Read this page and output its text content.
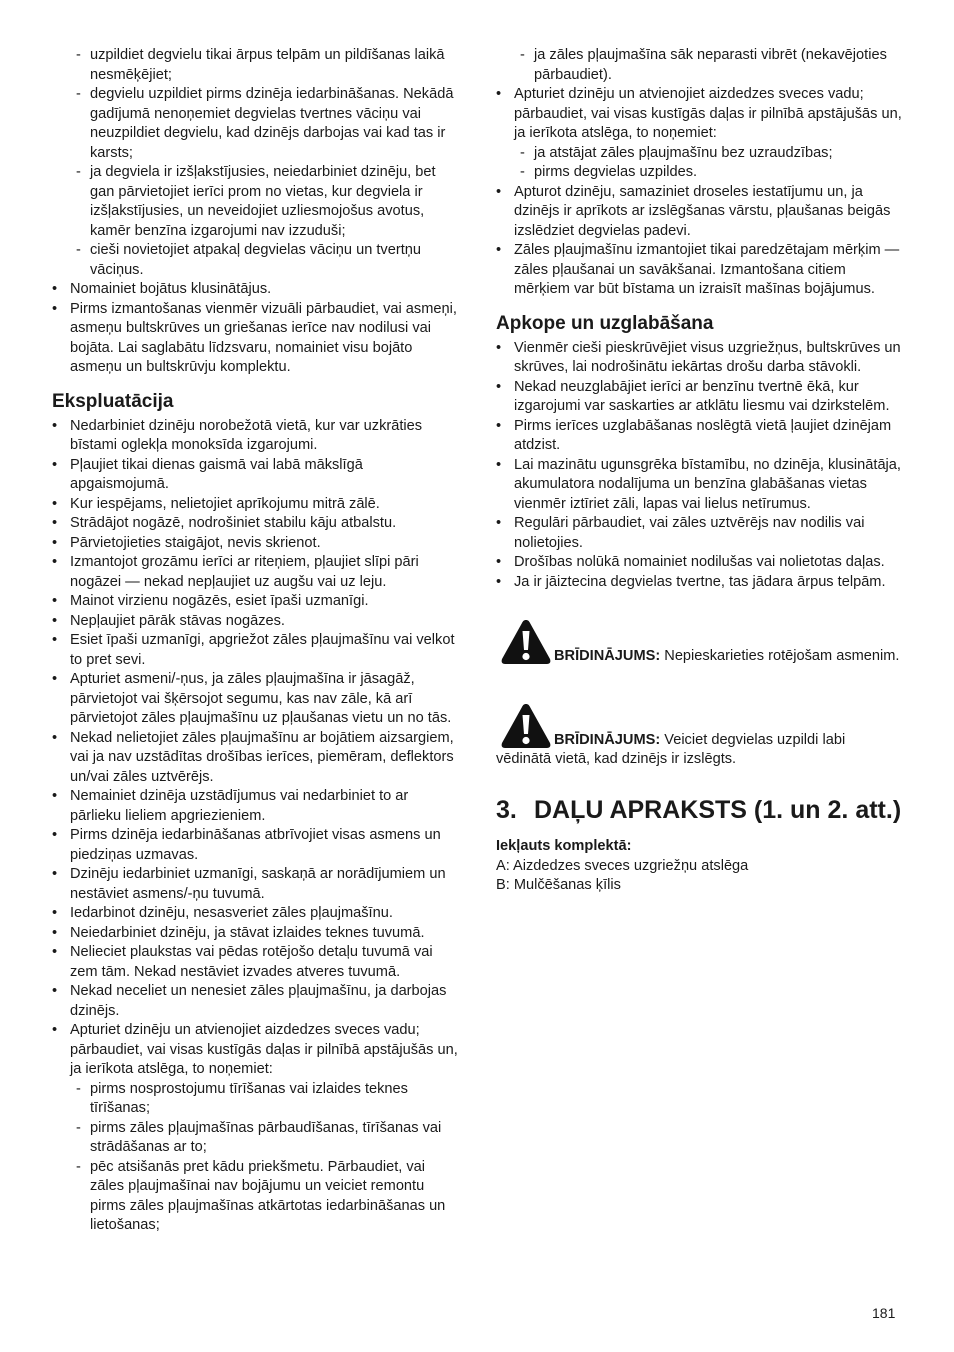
- uzpildiet degvielu tikai ārpus telpām un pildīšanas laikā nesmēķējiet;
- degvielu uzpildiet pirms dzinēja iedarbināšanas. Nekādā gadījumā nenoņemiet degvielas tvertnes vāciņu vai neuzpildiet degvielu, kad dzinējs darbojas vai kad tas ir karsts;
- ja degviela ir izšļakstījusies, neiedarbiniet dzinēju, bet gan pārvietojiet ierīci prom no vietas, kur degviela ir izšļakstījusies, un neveidojiet uzliesmojošus avotus, kamēr benzīna izgarojumi nav izzuduši;
- cieši novietojiet atpakaļ degvielas vāciņu un tvertņu vāciņus.
• Nomainiet bojātus klusinātājus.
• Pirms izmantošanas vienmēr vizuāli pārbaudiet, vai asmeņi, asmeņu bultskrūves un griešanas ierīce nav nodilusi vai bojāta. Lai saglabātu līdzsvaru, nomainiet visu bojāto asmeņu un bultskrūvju komplektu.
Ekspluatācija
• Nedarbiniet dzinēju norobežotā vietā, kur var uzkrāties bīstami oglekļa monoksīda izgarojumi.
• Pļaujiet tikai dienas gaismā vai labā mākslīgā apgaismojumā.
• Kur iespējams, nelietojiet aprīkojumu mitrā zālē.
• Strādājot nogāzē, nodrošiniet stabilu kāju atbalstu.
• Pārvietojieties staigājot, nevis skrienot.
• Izmantojot grozāmu ierīci ar riteņiem, pļaujiet slīpi pāri nogāzei — nekad nepļaujiet uz augšu vai uz leju.
• Mainot virzienu nogāzēs, esiet īpaši uzmanīgi.
• Nepļaujiet pārāk stāvas nogāzes.
• Esiet īpaši uzmanīgi, apgriežot zāles pļaujmašīnu vai velkot to pret sevi.
• Apturiet asmeni/-ņus, ja zāles pļaujmašīna ir jāsagāž, pārvietojot vai šķērsojot segumu, kas nav zāle, kā arī pārvietojot zāles pļaujmašīnu uz pļaušanas vietu un no tās.
• Nekad nelietojiet zāles pļaujmašīnu ar bojātiem aizsargiem, vai ja nav uzstādītas drošības ierīces, piemēram, deflektors un/vai zāles uztvērējs.
• Nemainiet dzinēja uzstādījumus vai nedarbiniet to ar pārlieku lieliem apgriezieniem.
• Pirms dzinēja iedarbināšanas atbrīvojiet visas asmens un piedziņas uzmavas.
• Dzinēju iedarbiniet uzmanīgi, saskaņā ar norādījumiem un nestāviet asmens/-ņu tuvumā.
• Iedarbinot dzinēju, nesasveriet zāles pļaujmašīnu.
• Neiedarbiniet dzinēju, ja stāvat izlaides teknes tuvumā.
• Nelieciet plaukstas vai pēdas rotējošo detaļu tuvumā vai zem tām. Nekad nestāviet izvades atveres tuvumā.
• Nekad neceliet un nenesiet zāles pļaujmašīnu, ja darbojas dzinējs.
• Apturiet dzinēju un atvienojiet aizdedzes sveces vadu; pārbaudiet, vai visas kustīgās daļas ir pilnībā apstājušās un, ja ierīkota atslēga, to noņemiet:
- pirms nosprostojumu tīrīšanas vai izlaides teknes tīrīšanas;
- pirms zāles pļaujmašīnas pārbaudīšanas, tīrīšanas vai strādāšanas ar to;
- pēc atsišanās pret kādu priekšmetu. Pārbaudiet, vai zāles pļaujmašīnai nav bojājumu un veiciet remontu pirms zāles pļaujmašīnas atkārtotas iedarbināšanas un lietošanas;
- ja zāles pļaujmašīna sāk neparasti vibrēt (nekavējoties pārbaudiet).
• Apturiet dzinēju un atvienojiet aizdedzes sveces vadu; pārbaudiet, vai visas kustīgās daļas ir pilnībā apstājušās un, ja ierīkota atslēga, to noņemiet:
- ja atstājat zāles pļaujmašīnu bez uzraudzības;
- pirms degvielas uzpildes.
• Apturot dzinēju, samaziniet droseles iestatījumu un, ja dzinējs ir aprīkots ar izslēgšanas vārstu, pļaušanas beigās izslēdziet degvielas padevi.
• Zāles pļaujmašīnu izmantojiet tikai paredzētajam mērķim — zāles pļaušanai un savākšanai. Izmantošana citiem mērķiem var būt bīstama un izraisīt mašīnas bojājumus.
Apkope un uzglabāšana
• Vienmēr cieši pieskrūvējiet visus uzgriežņus, bultskrūves un skrūves, lai nodrošinātu iekārtas drošu darba stāvokli.
• Nekad neuzglabājiet ierīci ar benzīnu tvertnē ēkā, kur izgarojumi var saskarties ar atklātu liesmu vai dzirkstelēm.
• Pirms ierīces uzglabāšanas noslēgtā vietā ļaujiet dzinējam atdzist.
• Lai mazinātu ugunsgrēka bīstamību, no dzinēja, klusinātāja, akumulatora nodalījuma un benzīna glabāšanas vietas vienmēr iztīriet zāli, lapas vai lielus netīrumus.
• Regulāri pārbaudiet, vai zāles uztvērējs nav nodilis vai nolietojies.
• Drošības nolūkā nomainiet nodilušas vai nolietotas daļas.
• Ja ir jāiztecina degvielas tvertne, tas jādara ārpus telpām.
BRĪDINĀJUMS: Nepieskarieties rotējošam asmenim.
BRĪDINĀJUMS: Veiciet degvielas uzpildi labi vēdinātā vietā, kad dzinējs ir izslēgts.
3. DAĻU APRAKSTS (1. un 2. att.)
Iekļauts komplektā:
A: Aizdedzes sveces uzgriežņu atslēga
B: Mulčēšanas ķīlis
181
